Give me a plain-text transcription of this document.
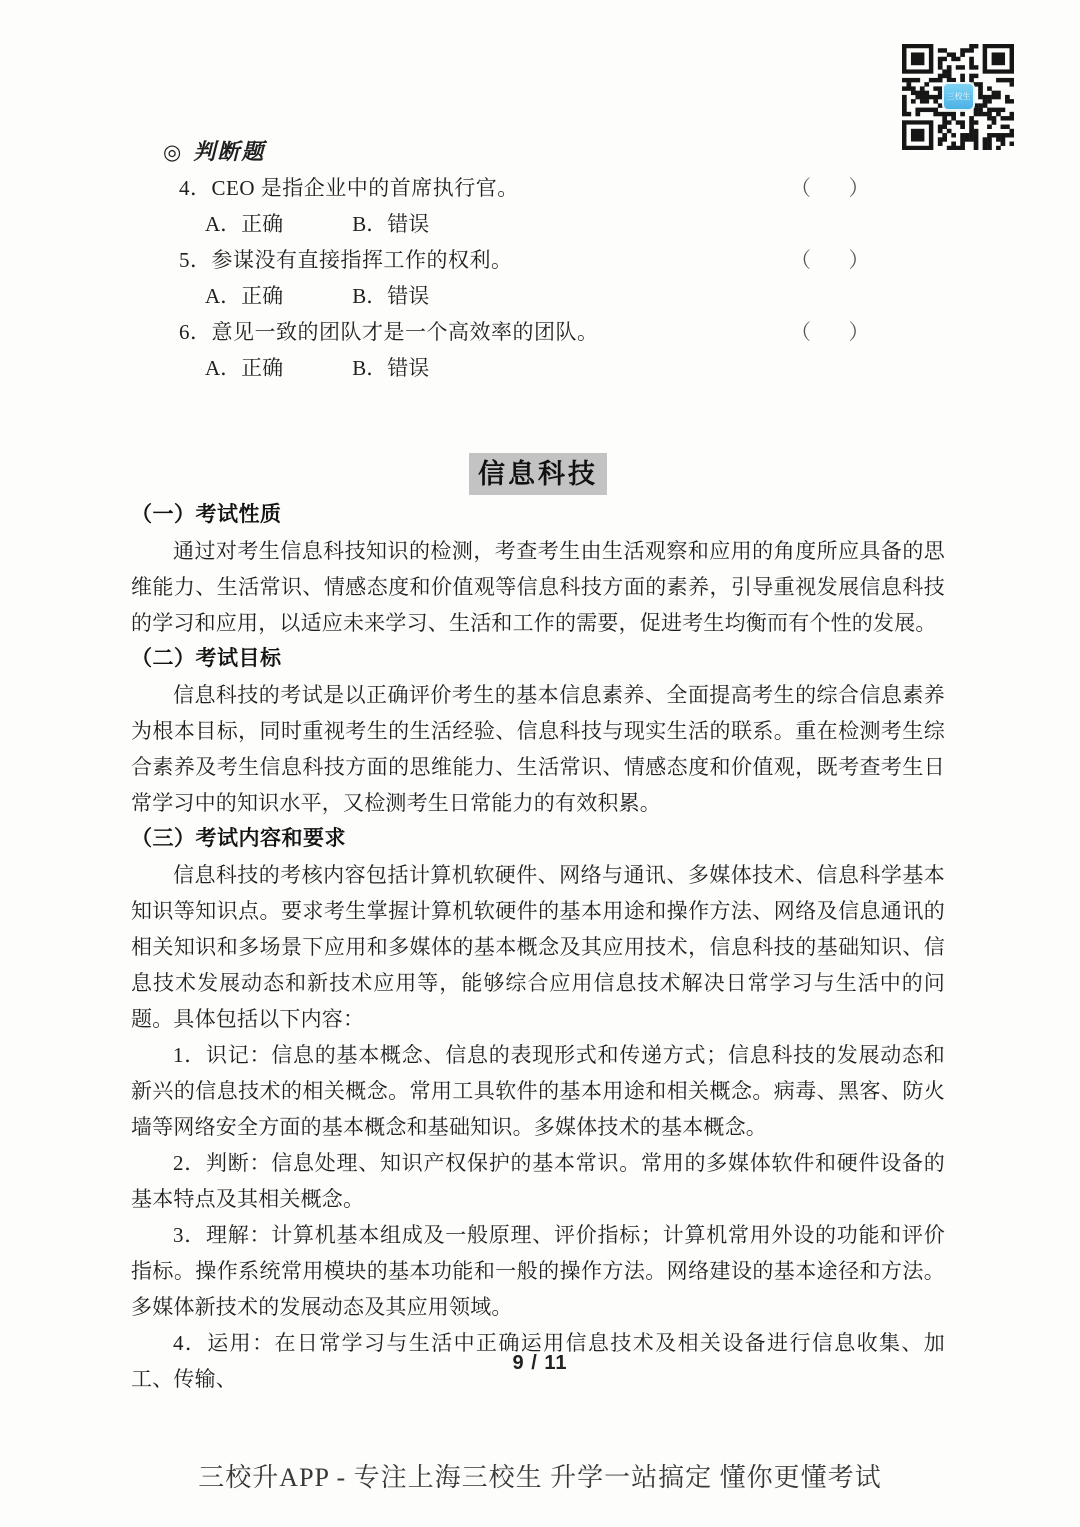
三校生
◎ 判断题
4．CEO 是指企业中的首席执行官。	（ ）
A．正确	B．错误
5．参谋没有直接指挥工作的权利。	（ ）
A．正确	B．错误
6．意见一致的团队才是一个高效率的团队。	（ ）
A．正确	B．错误
信息科技
（一）考试性质

通过对考生信息科技知识的检测，考查考生由生活观察和应用的角度所应具备的思维能力、生活常识、情感态度和价值观等信息科技方面的素养，引导重视发展信息科技的学习和应用，以适应未来学习、生活和工作的需要，促进考生均衡而有个性的发展。

（二）考试目标

信息科技的考试是以正确评价考生的基本信息素养、全面提高考生的综合信息素养为根本目标，同时重视考生的生活经验、信息科技与现实生活的联系。重在检测考生综合素养及考生信息科技方面的思维能力、生活常识、情感态度和价值观，既考查考生日常学习中的知识水平，又检测考生日常能力的有效积累。

（三）考试内容和要求

信息科技的考核内容包括计算机软硬件、网络与通讯、多媒体技术、信息科学基本知识等知识点。要求考生掌握计算机软硬件的基本用途和操作方法、网络及信息通讯的相关知识和多场景下应用和多媒体的基本概念及其应用技术，信息科技的基础知识、信息技术发展动态和新技术应用等，能够综合应用信息技术解决日常学习与生活中的问题。具体包括以下内容：

1．识记：信息的基本概念、信息的表现形式和传递方式；信息科技的发展动态和新兴的信息技术的相关概念。常用工具软件的基本用途和相关概念。病毒、黑客、防火墙等网络安全方面的基本概念和基础知识。多媒体技术的基本概念。

2．判断：信息处理、知识产权保护的基本常识。常用的多媒体软件和硬件设备的基本特点及其相关概念。

3．理解：计算机基本组成及一般原理、评价指标；计算机常用外设的功能和评价指标。操作系统常用模块的基本功能和一般的操作方法。网络建设的基本途径和方法。多媒体新技术的发展动态及其应用领域。

4．运用：在日常学习与生活中正确运用信息技术及相关设备进行信息收集、加工、传输、

9 / 11
三校升APP - 专注上海三校生 升学一站搞定 懂你更懂考试
